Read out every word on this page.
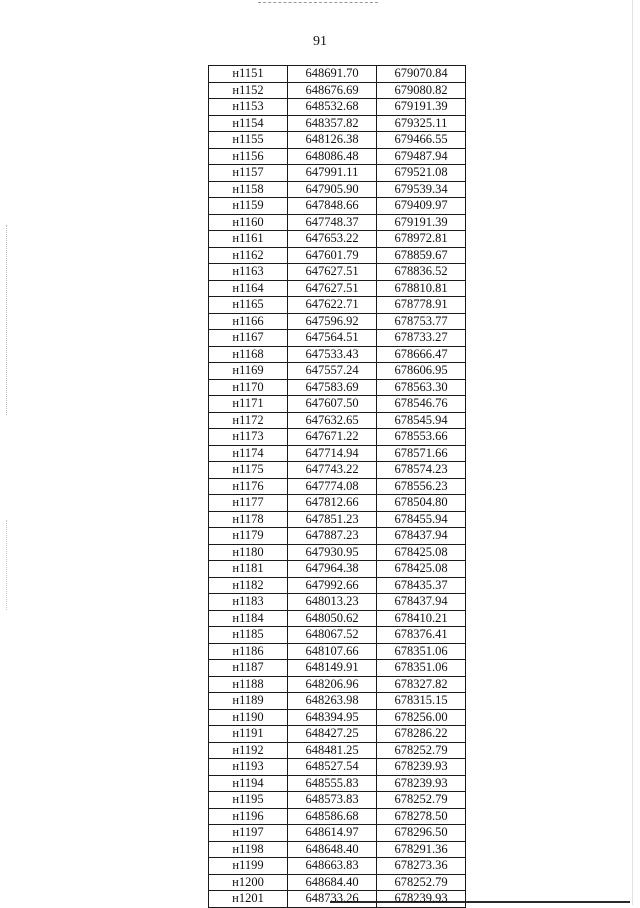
91
н1151	648691.70	679070.84
н1152	648676.69	679080.82
н1153	648532.68	679191.39
н1154	648357.82	679325.11
н1155	648126.38	679466.55
н1156	648086.48	679487.94
н1157	647991.11	679521.08
н1158	647905.90	679539.34
н1159	647848.66	679409.97
н1160	647748.37	679191.39
н1161	647653.22	678972.81
н1162	647601.79	678859.67
н1163	647627.51	678836.52
н1164	647627.51	678810.81
н1165	647622.71	678778.91
н1166	647596.92	678753.77
н1167	647564.51	678733.27
н1168	647533.43	678666.47
н1169	647557.24	678606.95
н1170	647583.69	678563.30
н1171	647607.50	678546.76
н1172	647632.65	678545.94
н1173	647671.22	678553.66
н1174	647714.94	678571.66
н1175	647743.22	678574.23
н1176	647774.08	678556.23
н1177	647812.66	678504.80
н1178	647851.23	678455.94
н1179	647887.23	678437.94
н1180	647930.95	678425.08
н1181	647964.38	678425.08
н1182	647992.66	678435.37
н1183	648013.23	678437.94
н1184	648050.62	678410.21
н1185	648067.52	678376.41
н1186	648107.66	678351.06
н1187	648149.91	678351.06
н1188	648206.96	678327.82
н1189	648263.98	678315.15
н1190	648394.95	678256.00
н1191	648427.25	678286.22
н1192	648481.25	678252.79
н1193	648527.54	678239.93
н1194	648555.83	678239.93
н1195	648573.83	678252.79
н1196	648586.68	678278.50
н1197	648614.97	678296.50
н1198	648648.40	678291.36
н1199	648663.83	678273.36
н1200	648684.40	678252.79
н1201	648733.26	678239.93
